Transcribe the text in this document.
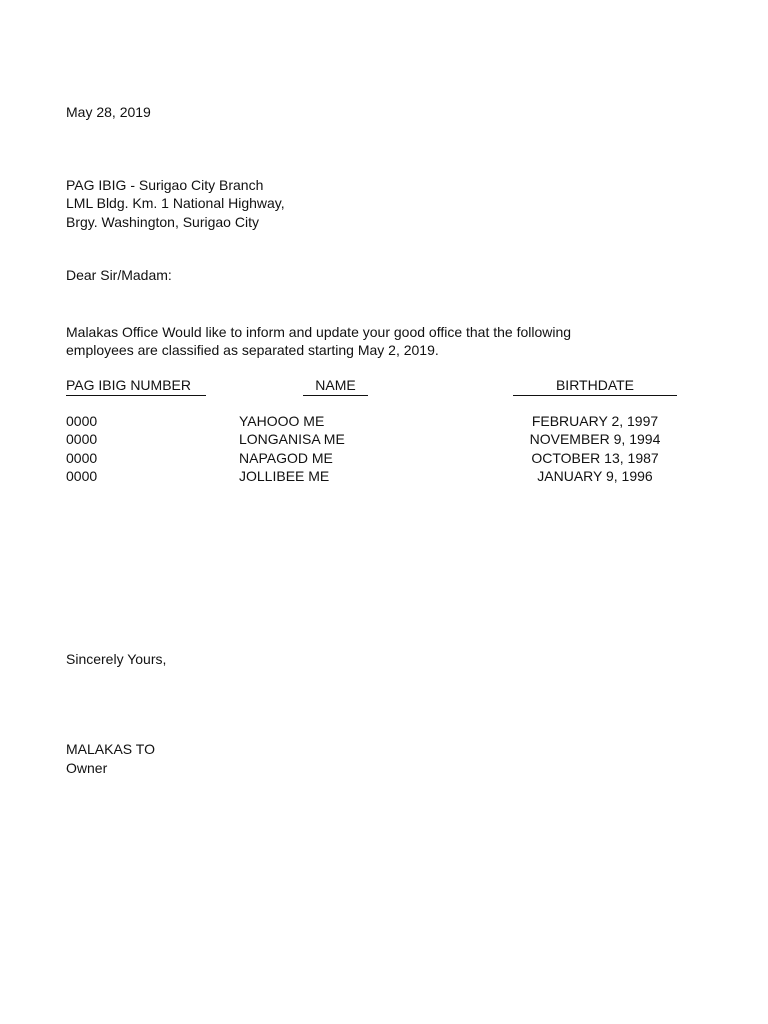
May 28, 2019
PAG IBIG - Surigao City Branch
LML Bldg. Km. 1 National Highway,
Brgy. Washington, Surigao City
Dear Sir/Madam:
Malakas Office Would like to inform and update your good office that the following
employees are classified as separated starting May 2, 2019.
PAG IBIG NUMBER	NAME	BIRTHDATE
0000	YAHOOO ME	FEBRUARY 2, 1997
0000	LONGANISA ME	NOVEMBER 9, 1994
0000	NAPAGOD ME	OCTOBER 13, 1987
0000	JOLLIBEE ME	JANUARY 9, 1996
Sincerely Yours,
MALAKAS TO
Owner
